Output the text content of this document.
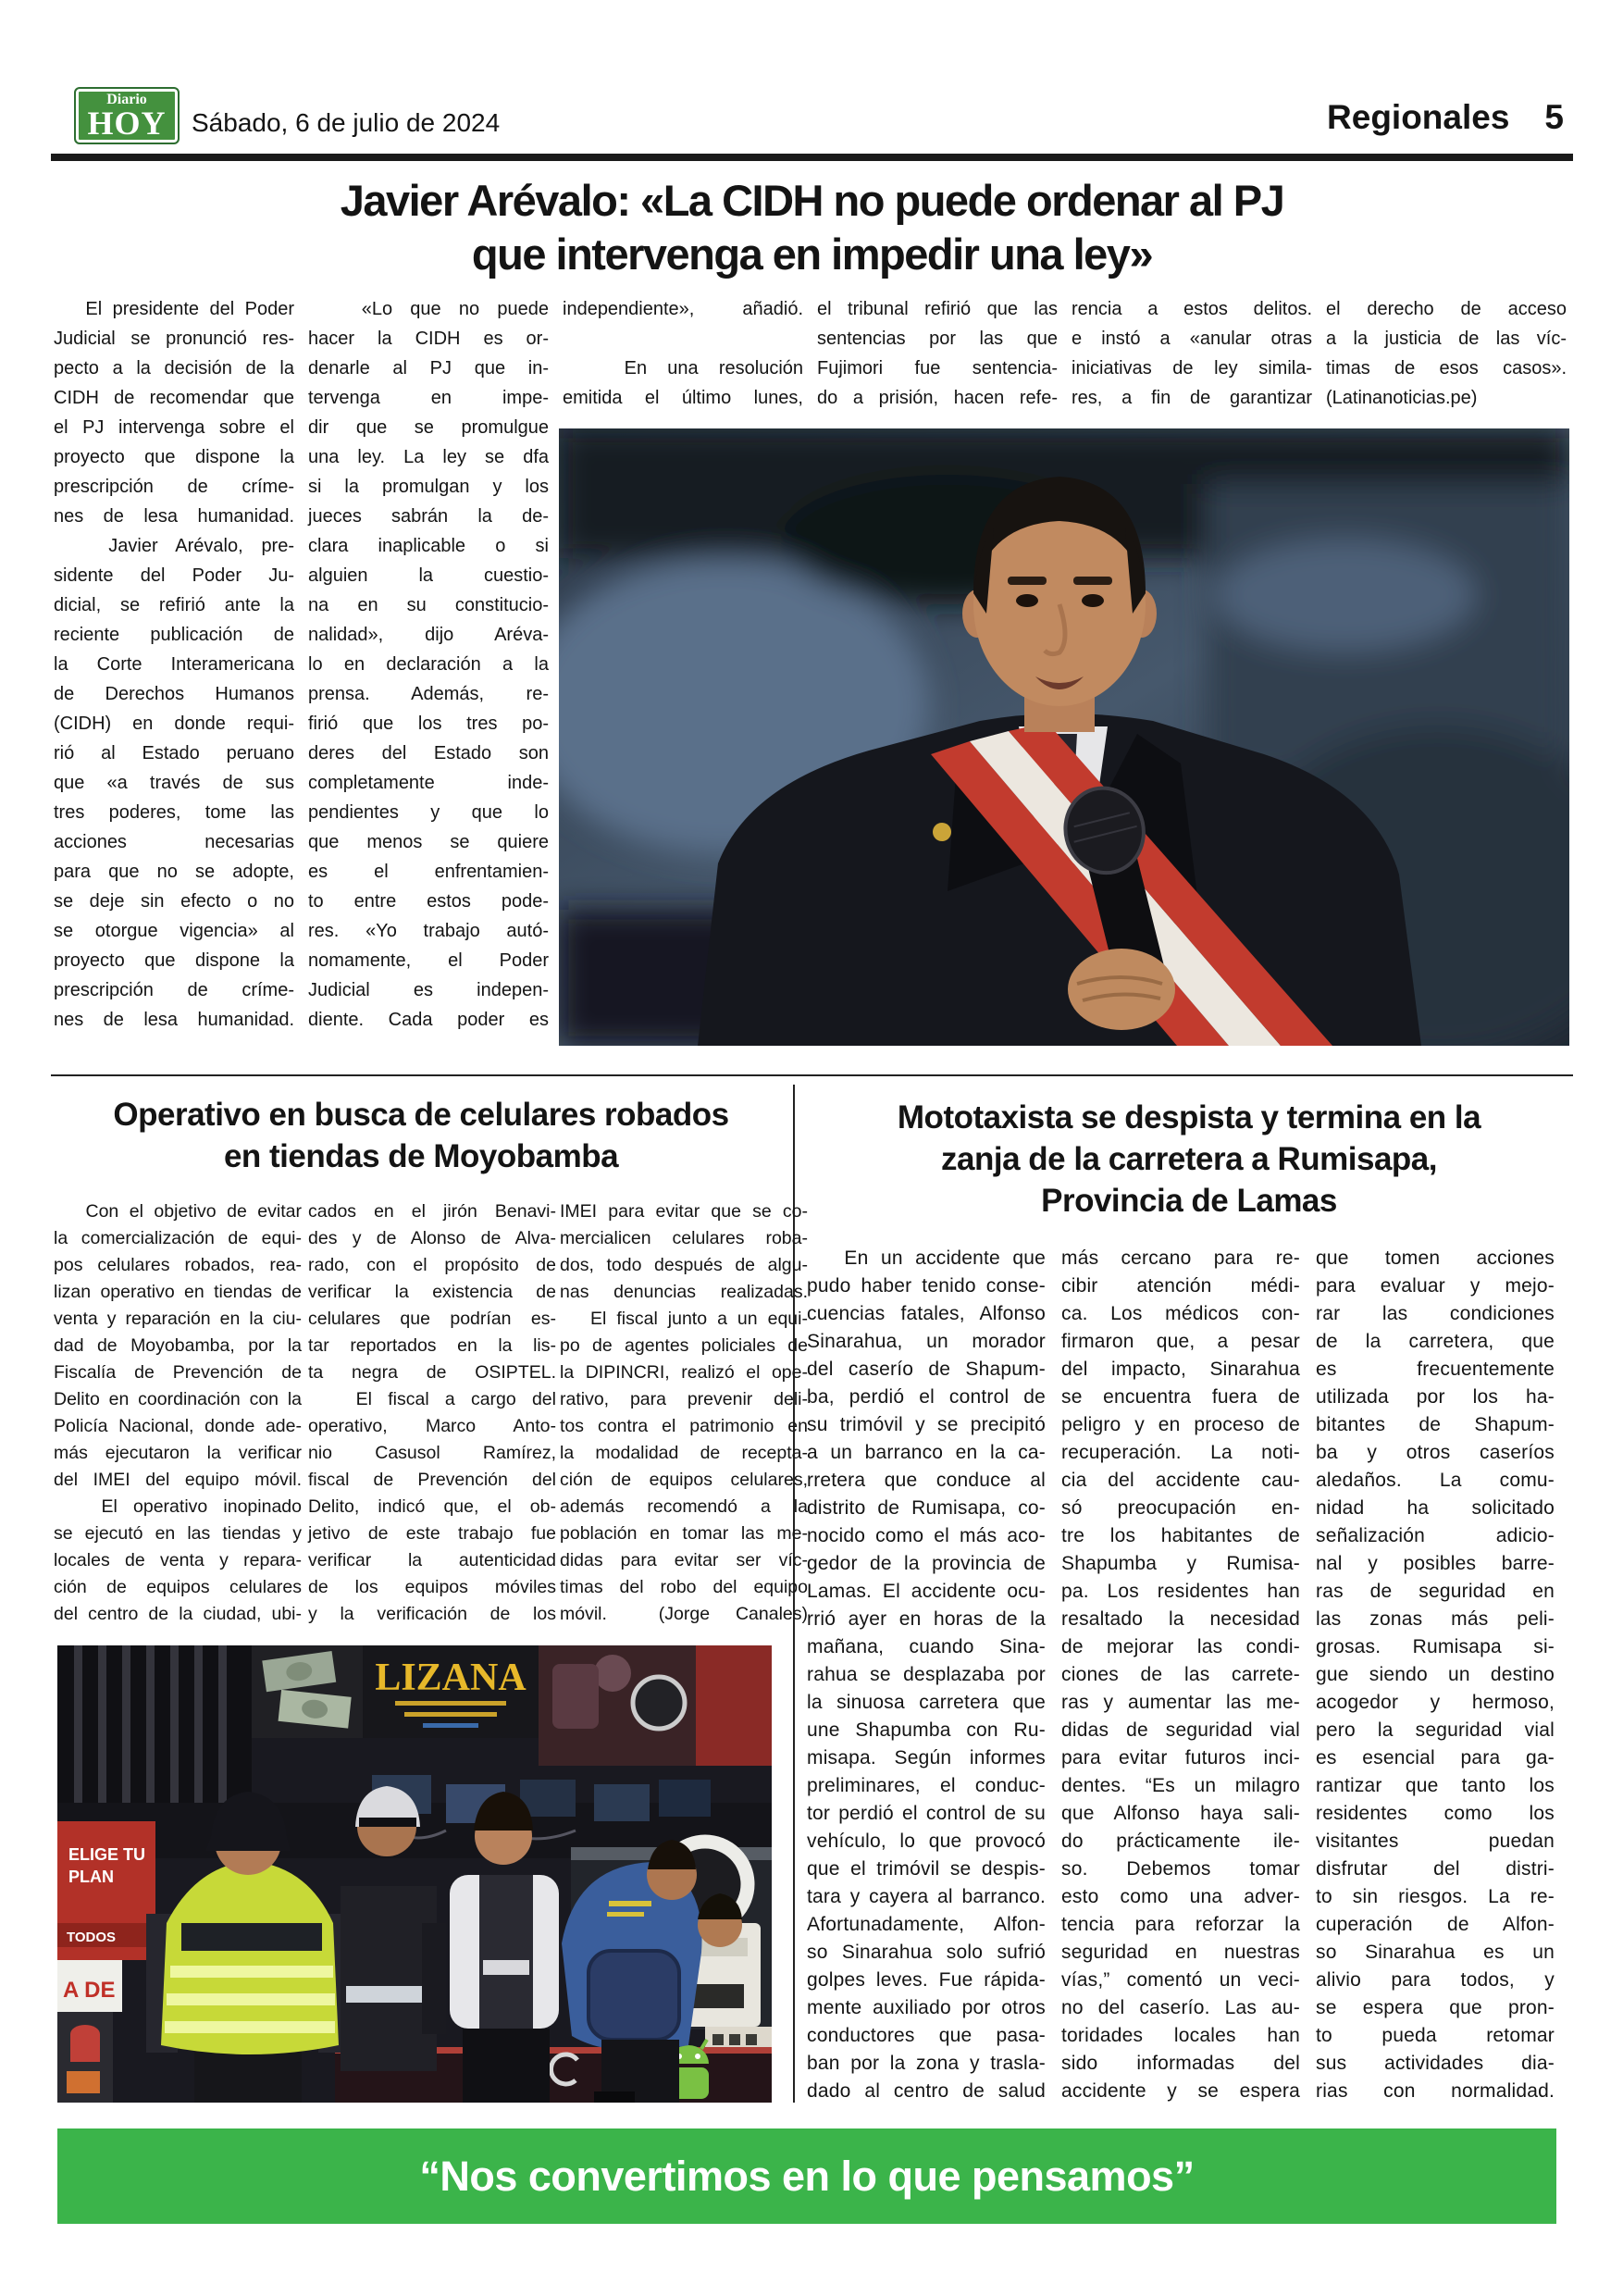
Diario
HOY Sábado, 6 de julio de 2024	Regionales 5
Javier Arévalo: «La CIDH no puede ordenar al PJ
que intervenga en impedir una ley»
El presidente del Poder
Judicial se pronunció res-
pecto a la decisión de la
CIDH de recomendar que
el PJ intervenga sobre el
proyecto que dispone la
prescripción de críme-
nes de lesa humanidad.
Javier Arévalo, pre-
sidente del Poder Ju-
dicial, se refirió ante la
reciente publicación de
la Corte Interamericana
de Derechos Humanos
(CIDH) en donde requi-
rió al Estado peruano
que «a través de sus
tres poderes, tome las
acciones necesarias
para que no se adopte,
se deje sin efecto o no
se otorgue vigencia» al
proyecto que dispone la
prescripción de críme-
nes de lesa humanidad.
«Lo que no puede
hacer la CIDH es or-
denarle al PJ que in-
tervenga en impe-
dir que se promulgue
una ley. La ley se dfa
si la promulgan y los
jueces sabrán la de-
clara inaplicable o si
alguien la cuestio-
na en su constitucio-
nalidad», dijo Aréva-
lo en declaración a la
prensa. Además, re-
firió que los tres po-
deres del Estado son
completamente inde-
pendientes y que lo
que menos se quiere
es el enfrentamien-
to entre estos pode-
res. «Yo trabajo autó-
nomamente, el Poder
Judicial es indepen-
diente. Cada poder es
independiente», añadió.

En una resolución
emitida el último lunes,
el tribunal refirió que las
sentencias por las que
Fujimori fue sentencia-
do a prisión, hacen refe-
rencia a estos delitos.
e instó a «anular otras
iniciativas de ley simila-
res, a fin de garantizar
el derecho de acceso
a la justicia de las víc-
timas de esos casos».
(Latinanoticias.pe)
Operativo en busca de celulares robados
en tiendas de Moyobamba
Con el objetivo de evitar
la comercialización de equi-
pos celulares robados, rea-
lizan operativo en tiendas de
venta y reparación en la ciu-
dad de Moyobamba, por la
Fiscalía de Prevención de
Delito en coordinación con la
Policía Nacional, donde ade-
más ejecutaron la verificar
del IMEI del equipo móvil.
El operativo inopinado
se ejecutó en las tiendas y
locales de venta y repara-
ción de equipos celulares
del centro de la ciudad, ubi-
cados en el jirón Benavi-
des y de Alonso de Alva-
rado, con el propósito de
verificar la existencia de
celulares que podrían es-
tar reportados en la lis-
ta negra de OSIPTEL.
El fiscal a cargo del
operativo, Marco Anto-
nio Casusol Ramírez,
fiscal de Prevención del
Delito, indicó que, el ob-
jetivo de este trabajo fue
verificar la autenticidad
de los equipos móviles
y la verificación de los
IMEI para evitar que se co-
mercialicen celulares roba-
dos, todo después de algu-
nas denuncias realizadas.
El fiscal junto a un equi-
po de agentes policiales de
la DIPINCRI, realizó el ope-
rativo, para prevenir deli-
tos contra el patrimonio en
la modalidad de recepta-
ción de equipos celulares,
además recomendó a la
población en tomar las me-
didas para evitar ser víc-
timas del robo del equipo
móvil.  (Jorge Canales)
LIZANA
ELIGE TU
PLAN
TODOS
A DE
Mototaxista se despista y termina en la
zanja de la carretera a Rumisapa,
Provincia de Lamas
En un accidente que
pudo haber tenido conse-
cuencias fatales, Alfonso
Sinarahua, un morador
del caserío de Shapum-
ba, perdió el control de
su trimóvil y se precipitó
a un barranco en la ca-
rretera que conduce al
distrito de Rumisapa, co-
nocido como el más aco-
gedor de la provincia de
Lamas. El accidente ocu-
rrió ayer en horas de la
mañana, cuando Sina-
rahua se desplazaba por
la sinuosa carretera que
une Shapumba con Ru-
misapa. Según informes
preliminares, el conduc-
tor perdió el control de su
vehículo, lo que provocó
que el trimóvil se despis-
tara y cayera al barranco.
Afortunadamente, Alfon-
so Sinarahua solo sufrió
golpes leves. Fue rápida-
mente auxiliado por otros
conductores que pasa-
ban por la zona y trasla-
dado al centro de salud
más cercano para re-
cibir atención médi-
ca. Los médicos con-
firmaron que, a pesar
del impacto, Sinarahua
se encuentra fuera de
peligro y en proceso de
recuperación. La noti-
cia del accidente cau-
só preocupación en-
tre los habitantes de
Shapumba y Rumisa-
pa. Los residentes han
resaltado la necesidad
de mejorar las condi-
ciones de las carrete-
ras y aumentar las me-
didas de seguridad vial
para evitar futuros inci-
dentes. “Es un milagro
que Alfonso haya sali-
do prácticamente ile-
so. Debemos tomar
esto como una adver-
tencia para reforzar la
seguridad en nuestras
vías,” comentó un veci-
no del caserío. Las au-
toridades locales han
sido informadas del
accidente y se espera
que tomen acciones
para evaluar y mejo-
rar las condiciones
de la carretera, que
es frecuentemente
utilizada por los ha-
bitantes de Shapum-
ba y otros caseríos
aledaños. La comu-
nidad ha solicitado
señalización adicio-
nal y posibles barre-
ras de seguridad en
las zonas más peli-
grosas. Rumisapa si-
gue siendo un destino
acogedor y hermoso,
pero la seguridad vial
es esencial para ga-
rantizar que tanto los
residentes como los
visitantes puedan
disfrutar del distri-
to sin riesgos. La re-
cuperación de Alfon-
so Sinarahua es un
alivio para todos, y
se espera que pron-
to pueda retomar
sus actividades dia-
rias con normalidad.
“Nos convertimos en lo que pensamos”
